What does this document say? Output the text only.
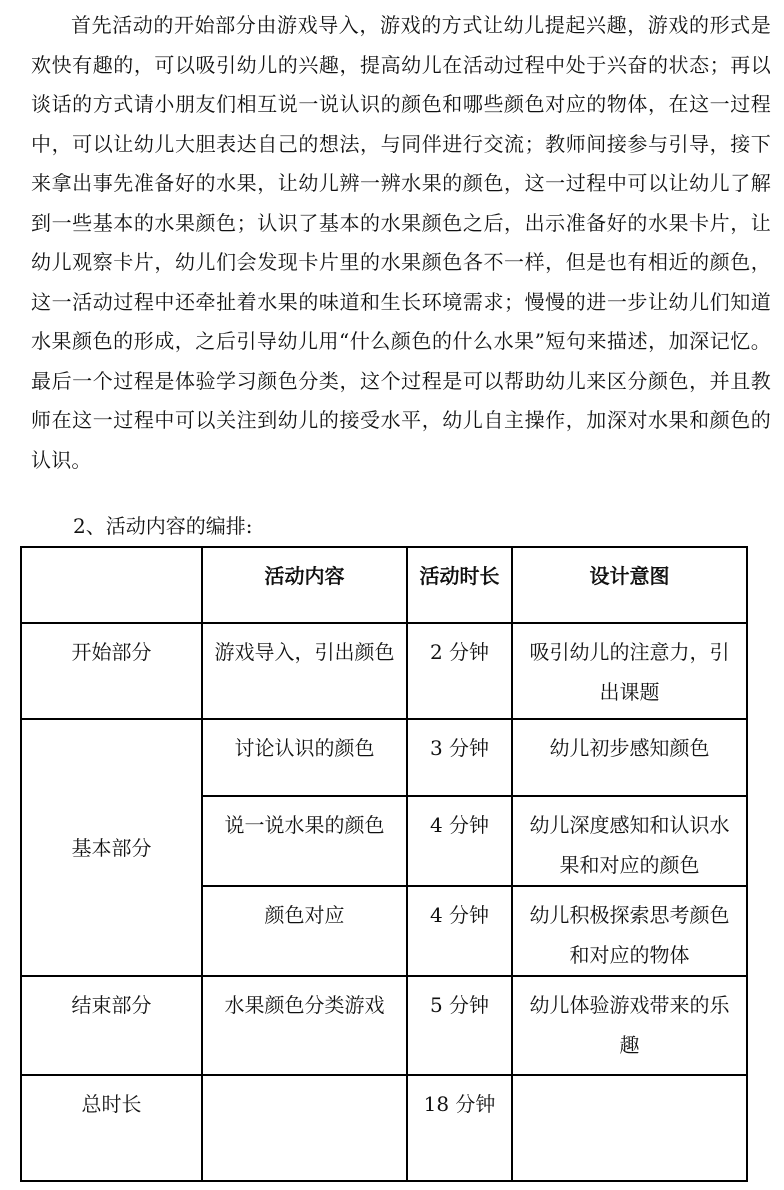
首先活动的开始部分由游戏导入，游戏的方式让幼儿提起兴趣，游戏的形式是欢快有趣的，可以吸引幼儿的兴趣，提高幼儿在活动过程中处于兴奋的状态；再以谈话的方式请小朋友们相互说一说认识的颜色和哪些颜色对应的物体，在这一过程中，可以让幼儿大胆表达自己的想法，与同伴进行交流；教师间接参与引导，接下来拿出事先准备好的水果，让幼儿辨一辨水果的颜色，这一过程中可以让幼儿了解到一些基本的水果颜色；认识了基本的水果颜色之后，出示准备好的水果卡片，让幼儿观察卡片，幼儿们会发现卡片里的水果颜色各不一样，但是也有相近的颜色，这一活动过程中还牵扯着水果的味道和生长环境需求；慢慢的进一步让幼儿们知道水果颜色的形成，之后引导幼儿用“什么颜色的什么水果”短句来描述，加深记忆。最后一个过程是体验学习颜色分类，这个过程是可以帮助幼儿来区分颜色，并且教师在这一过程中可以关注到幼儿的接受水平，幼儿自主操作，加深对水果和颜色的认识。

2、活动内容的编排:

	活动内容	活动时长	设计意图
开始部分	游戏导入，引出颜色	2 分钟	吸引幼儿的注意力，引出课题
基本部分	讨论认识的颜色	3 分钟	幼儿初步感知颜色
	说一说水果的颜色	4 分钟	幼儿深度感知和认识水果和对应的颜色
	颜色对应	4 分钟	幼儿积极探索思考颜色和对应的物体
结束部分	水果颜色分类游戏	5 分钟	幼儿体验游戏带来的乐趣
总时长		18 分钟	
